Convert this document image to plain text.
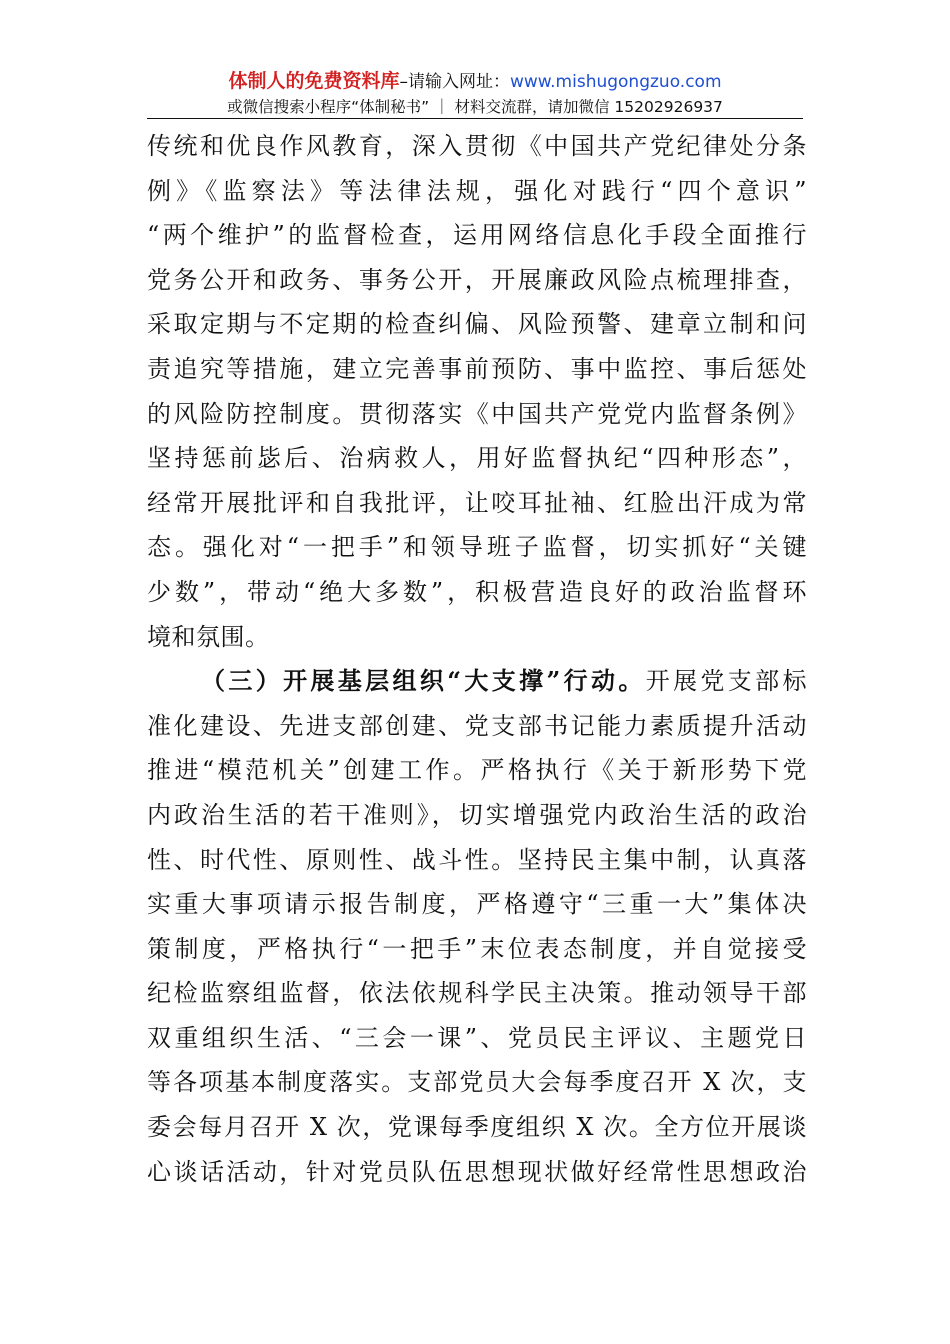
体制人的免费资料库–请输入网址：www.mishugongzuo.com
或微信搜索小程序“体制秘书” ｜ 材料交流群，请加微信 15202926937
传统和优良作风教育，深入贯彻《中国共产党纪律处分条
例》《监察法》等法律法规，强化对践行“四个意识”
“两个维护”的监督检查，运用网络信息化手段全面推行
党务公开和政务、事务公开，开展廉政风险点梳理排查，
采取定期与不定期的检查纠偏、风险预警、建章立制和问
责追究等措施，建立完善事前预防、事中监控、事后惩处
的风险防控制度。贯彻落实《中国共产党党内监督条例》
坚持惩前毖后、治病救人，用好监督执纪“四种形态”，
经常开展批评和自我批评，让咬耳扯袖、红脸出汗成为常
态。强化对“一把手”和领导班子监督，切实抓好“关键
少数”，带动“绝大多数”，积极营造良好的政治监督环
境和氛围。
（三）开展基层组织“大支撑”行动。开展党支部标
准化建设、先进支部创建、党支部书记能力素质提升活动
推进“模范机关”创建工作。严格执行《关于新形势下党
内政治生活的若干准则》，切实增强党内政治生活的政治
性、时代性、原则性、战斗性。坚持民主集中制，认真落
实重大事项请示报告制度，严格遵守“三重一大”集体决
策制度，严格执行“一把手”末位表态制度，并自觉接受
纪检监察组监督，依法依规科学民主决策。推动领导干部
双重组织生活、“三会一课”、党员民主评议、主题党日
等各项基本制度落实。支部党员大会每季度召开 X 次，支
委会每月召开 X 次，党课每季度组织 X 次。全方位开展谈
心谈话活动，针对党员队伍思想现状做好经常性思想政治
